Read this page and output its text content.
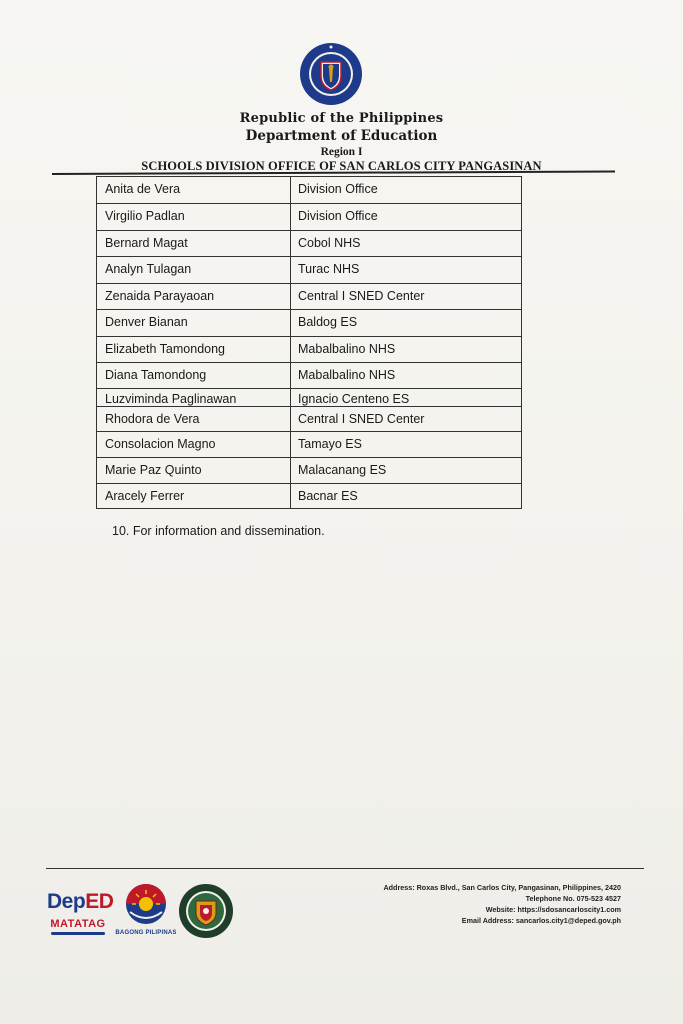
Republic of the Philippines
Department of Education
Region I
SCHOOLS DIVISION OFFICE OF SAN CARLOS CITY PANGASINAN
Anita de Vera	Division Office
Virgilio Padlan	Division Office
Bernard Magat	Cobol NHS
Analyn Tulagan	Turac NHS
Zenaida Parayaoan	Central I SNED Center
Denver Bianan	Baldog ES
Elizabeth Tamondong	Mabalbalino NHS
Diana Tamondong	Mabalbalino NHS
Luzviminda Paglinawan	Ignacio Centeno ES
Rhodora de Vera	Central I SNED Center
Consolacion Magno	Tamayo ES
Marie Paz Quinto	Malacanang ES
Aracely Ferrer	Bacnar ES
10. For information and dissemination.
DepED
MATATAG
BAGONG PILIPINAS
Address: Roxas Blvd., San Carlos City, Pangasinan, Philippines, 2420
Telephone No. 075-523 4527
Website: https://sdosancarloscity1.com
Email Address: sancarlos.city1@deped.gov.ph
